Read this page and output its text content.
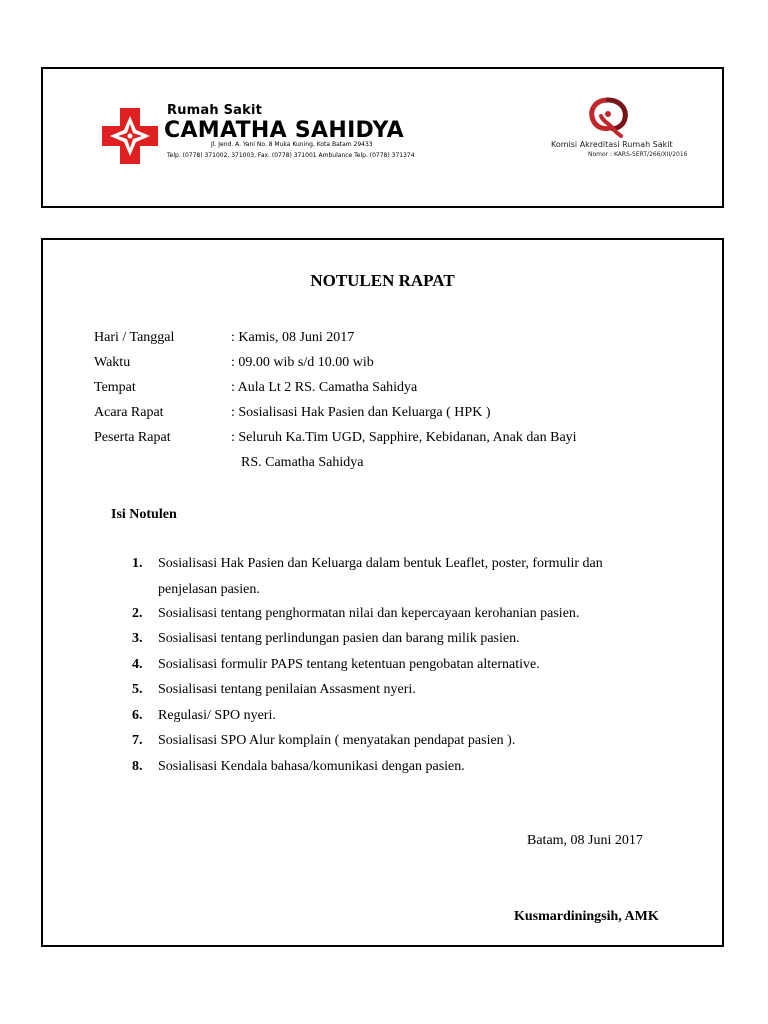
Rumah Sakit
CAMATHA SAHIDYA
Jl. Jend. A. Yani No. 8 Muka Kuning, Kota Batam 29433
Telp. (0778) 371002, 371003, Fax. (0778) 371001 Ambulance Telp. (0778) 371374
Komisi Akreditasi Rumah Sakit
Nomor : KARS-SERT/266/XII/2016
NOTULEN RAPAT
Hari / Tanggal	: Kamis, 08 Juni 2017
Waktu	: 09.00 wib s/d 10.00 wib
Tempat	: Aula Lt 2 RS. Camatha Sahidya
Acara Rapat	: Sosialisasi Hak Pasien dan Keluarga ( HPK )
Peserta Rapat	: Seluruh Ka.Tim UGD, Sapphire, Kebidanan, Anak dan Bayi
RS. Camatha Sahidya
Isi Notulen
1. Sosialisasi Hak Pasien dan Keluarga dalam bentuk Leaflet, poster, formulir dan
penjelasan pasien.
2. Sosialisasi tentang penghormatan nilai dan kepercayaan kerohanian pasien.
3. Sosialisasi tentang perlindungan pasien dan barang milik pasien.
4. Sosialisasi formulir PAPS tentang ketentuan pengobatan alternative.
5. Sosialisasi tentang penilaian Assasment nyeri.
6. Regulasi/ SPO nyeri.
7. Sosialisasi SPO Alur komplain ( menyatakan pendapat pasien ).
8. Sosialisasi Kendala bahasa/komunikasi dengan pasien.
Batam, 08 Juni 2017
Kusmardiningsih, AMK
